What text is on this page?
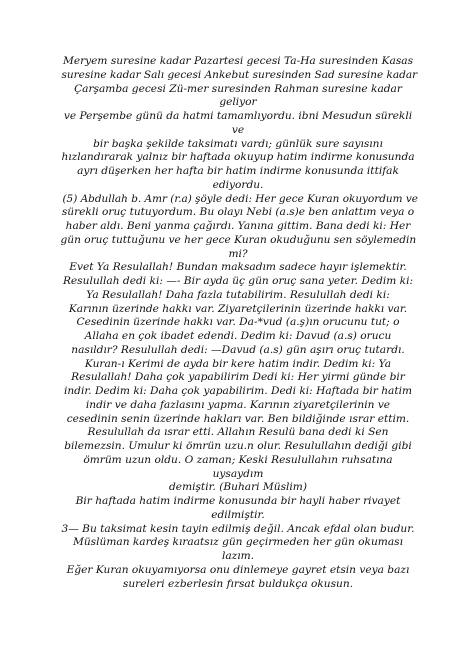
Meryem suresine kadar Pazartesi gecesi Ta-Ha suresinden Kasas
suresine kadar Salı gecesi Ankebut suresinden Sad suresine kadar
Çarşamba gecesi Zü-mer suresinden Rahman suresine kadar
geliyor
ve Perşembe günü da hatmi tamamlıyordu. ibni Mesudun sürekli
ve
bir başka şekilde taksimatı vardı; günlük sure sayısını
hızlandırarak yalnız bir haftada okuyup hatim indirme konusunda
ayrı düşerken her hafta bir hatim indirme konusunda ittifak
ediyordu.
(5) Abdullah b. Amr (r.a) şöyle dedi: Her gece Kuran okuyordum ve
sürekli oruç tutuyordum. Bu olayı Nebi (a.s)e ben anlattım veya o
haber aldı. Beni yanma çağırdı. Yanına gittim. Bana dedi ki: Her
gün oruç tuttuğunu ve her gece Kuran okuduğunu sen söylemedin
mi?
Evet Ya Resulallah! Bundan maksadım sadece hayır işlemektir.
Resulullah dedi ki: —- Bir ayda üç gün oruç sana yeter. Dedim ki:
Ya Resulallah! Daha fazla tutabilirim. Resulullah dedi ki:
Karının üzerinde hakkı var. Ziyaretçilerinin üzerinde hakkı var.
Cesedinin üzerinde hakkı var. Da-*vud (a.ş)ın orucunu tut; o
Allaha en çok ibadet edendi. Dedim ki: Davud (a.s) orucu
nasıldır? Resulullah dedi: —Davud (a.s) gün aşırı oruç tutardı.
Kuran-ı Kerimi de ayda bir kere hatim indir. Dedim ki: Ya
Resulallah! Daha çok yapabilirim Dedi ki: Her yirmi günde bir
indir. Dedim ki: Daha çok yapabilirim. Dedi ki: Haftada bir hatim
indir ve daha fazlasını yapma. Karının ziyaretçilerinin ve
cesedinin senin üzerinde hakları var. Ben bildiğinde ısrar ettim.
Resulullah da ısrar etti. Allahın Resulü bana dedi ki Sen
bilemezsin. Umulur ki ömrün uzu.n olur. Resulullahın dediği gibi
ömrüm uzun oldu. O zaman; Keski Resulullahın ruhsatına
uysaydım
demiştir. (Buhari Müslim)
Bir haftada hatim indirme konusunda bir hayli haber rivayet
edilmiştir.
3— Bu taksimat kesin tayin edilmiş değil. Ancak efdal olan budur.
Müslüman kardeş kıraatsız gün geçirmeden her gün okuması
lazım.
Eğer Kuran okuyamıyorsa onu dinlemeye gayret etsin veya bazı
sureleri ezberlesin fırsat buldukça okusun.
